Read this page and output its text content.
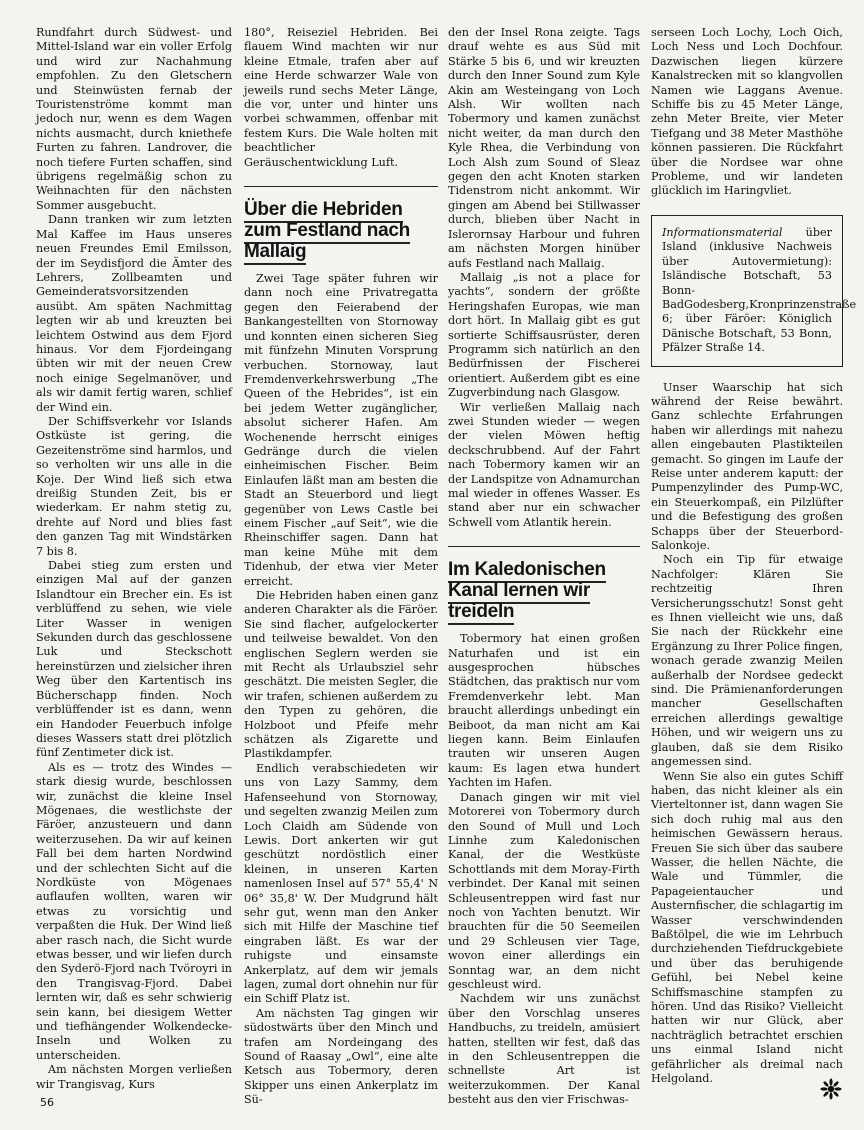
Rundfahrt durch Südwest- und Mittel-Island war ein voller Erfolg und wird zur Nachahmung empfohlen. Zu den Gletschern und Steinwüsten fernab der Touristenströme kommt man jedoch nur, wenn es dem Wagen nichts ausmacht, durch kniethefe Furten zu fahren. Landrover, die noch tiefere Furten schaffen, sind übrigens regelmäßig schon zu Weihnachten für den nächsten Sommer ausgebucht.

Dann tranken wir zum letzten Mal Kaffee im Haus unseres neuen Freundes Emil Emilsson, der im Seydisfjord die Ämter des Lehrers, Zollbeamten und Gemeinderatsvorsitzenden ausübt. Am späten Nachmittag legten wir ab und kreuzten bei leichtem Ostwind aus dem Fjord hinaus. Vor dem Fjordeingang übten wir mit der neuen Crew noch einige Segelmanöver, und als wir damit fertig waren, schlief der Wind ein.

Der Schiffsverkehr vor Islands Ostküste ist gering, die Gezeitenströme sind harmlos, und so verholten wir uns alle in die Koje. Der Wind ließ sich etwa dreißig Stunden Zeit, bis er wiederkam. Er nahm stetig zu, drehte auf Nord und blies fast den ganzen Tag mit Windstärken 7 bis 8.

Dabei stieg zum ersten und einzigen Mal auf der ganzen Islandtour ein Brecher ein. Es ist verblüffend zu sehen, wie viele Liter Wasser in wenigen Sekunden durch das geschlossene Luk und Steckschott hereinstürzen und zielsicher ihren Weg über den Kartentisch ins Bücherschapp finden. Noch verblüffender ist es dann, wenn ein Handoder Feuerbuch infolge dieses Wassers statt drei plötzlich fünf Zentimeter dick ist.

Als es — trotz des Windes — stark diesig wurde, beschlossen wir, zunächst die kleine Insel Mögenaes, die westlichste der Färöer, anzusteuern und dann weiterzusehen. Da wir auf keinen Fall bei dem harten Nordwind und der schlechten Sicht auf die Nordküste von Mögenaes auflaufen wollten, waren wir etwas zu vorsichtig und verpaßten die Huk. Der Wind ließ aber rasch nach, die Sicht wurde etwas besser, und wir liefen durch den Syderö-Fjord nach Tvöroyri in den Trangisvag-Fjord. Dabei lernten wir, daß es sehr schwierig sein kann, bei diesigem Wetter und tiefhängender Wolkendecke-Inseln und Wolken zu unterscheiden.

Am nächsten Morgen verließen wir Trangisvag, Kurs

180°, Reiseziel Hebriden. Bei flauem Wind machten wir nur kleine Etmale, trafen aber auf eine Herde schwarzer Wale von jeweils rund sechs Meter Länge, die vor, unter und hinter uns vorbei schwammen, offenbar mit festem Kurs. Die Wale holten mit beachtlicher Geräuschentwicklung Luft.

Über die Hebriden zum Festland nach Mallaig

Zwei Tage später fuhren wir dann noch eine Privatregatta gegen den Feierabend der Bankangestellten von Stornoway und konnten einen sicheren Sieg mit fünfzehn Minuten Vorsprung verbuchen. Stornoway, laut Fremdenverkehrswerbung „The Queen of the Hebrides“, ist ein bei jedem Wetter zugänglicher, absolut sicherer Hafen. Am Wochenende herrscht einiges Gedränge durch die vielen einheimischen Fischer. Beim Einlaufen läßt man am besten die Stadt an Steuerbord und liegt gegenüber von Lews Castle bei einem Fischer „auf Seit“, wie die Rheinschiffer sagen. Dann hat man keine Mühe mit dem Tidenhub, der etwa vier Meter erreicht.

Die Hebriden haben einen ganz anderen Charakter als die Färöer. Sie sind flacher, aufgelockerter und teilweise bewaldet. Von den englischen Seglern werden sie mit Recht als Urlaubsziel sehr geschätzt. Die meisten Segler, die wir trafen, schienen außerdem zu den Typen zu gehören, die Holzboot und Pfeife mehr schätzen als Zigarette und Plastikdampfer.

Endlich verabschiedeten wir uns von Lazy Sammy, dem Hafenseehund von Stornoway, und segelten zwanzig Meilen zum Loch Claidh am Südende von Lewis. Dort ankerten wir gut geschützt nordöstlich einer kleinen, in unseren Karten namenlosen Insel auf 57° 55,4' N 06° 35,8' W. Der Mudgrund hält sehr gut, wenn man den Anker sich mit Hilfe der Maschine tief eingraben läßt. Es war der ruhigste und einsamste Ankerplatz, auf dem wir jemals lagen, zumal dort ohnehin nur für ein Schiff Platz ist.

Am nächsten Tag gingen wir südostwärts über den Minch und trafen am Nordeingang des Sound of Raasay „Owl“, eine alte Ketsch aus Tobermory, deren Skipper uns einen Ankerplatz im Sü-

den der Insel Rona zeigte. Tags drauf wehte es aus Süd mit Stärke 5 bis 6, und wir kreuzten durch den Inner Sound zum Kyle Akin am Westeingang von Loch Alsh. Wir wollten nach Tobermory und kamen zunächst nicht weiter, da man durch den Kyle Rhea, die Verbindung von Loch Alsh zum Sound of Sleaz gegen den acht Knoten starken Tidenstrom nicht ankommt. Wir gingen am Abend bei Stillwasser durch, blieben über Nacht in Islerornsay Harbour und fuhren am nächsten Morgen hinüber aufs Festland nach Mallaig.

Mallaig „is not a place for yachts“, sondern der größte Heringshafen Europas, wie man dort hört. In Mallaig gibt es gut sortierte Schiffsausrüster, deren Programm sich natürlich an den Bedürfnissen der Fischerei orientiert. Außerdem gibt es eine Zugverbindung nach Glasgow.

Wir verließen Mallaig nach zwei Stunden wieder — wegen der vielen Möwen heftig deckschrubbend. Auf der Fahrt nach Tobermory kamen wir an der Landspitze von Adnamurchan mal wieder in offenes Wasser. Es stand aber nur ein schwacher Schwell vom Atlantik herein.

Im Kaledonischen Kanal lernen wir treideln

Tobermory hat einen großen Naturhafen und ist ein ausgesprochen hübsches Städtchen, das praktisch nur vom Fremdenverkehr lebt. Man braucht allerdings unbedingt ein Beiboot, da man nicht am Kai liegen kann. Beim Einlaufen trauten wir unseren Augen kaum: Es lagen etwa hundert Yachten im Hafen.

Danach gingen wir mit viel Motorerei von Tobermory durch den Sound of Mull und Loch Linnhe zum Kaledonischen Kanal, der die Westküste Schottlands mit dem Moray-Firth verbindet. Der Kanal mit seinen Schleusentreppen wird fast nur noch von Yachten benutzt. Wir brauchten für die 50 Seemeilen und 29 Schleusen vier Tage, wovon einer allerdings ein Sonntag war, an dem nicht geschleust wird.

Nachdem wir uns zunächst über den Vorschlag unseres Handbuchs, zu treideln, amüsiert hatten, stellten wir fest, daß das in den Schleusentreppen die schnellste Art ist weiterzukommen. Der Kanal besteht aus den vier Frischwas-

serseen Loch Lochy, Loch Oich, Loch Ness und Loch Dochfour. Dazwischen liegen kürzere Kanalstrecken mit so klangvollen Namen wie Laggans Avenue. Schiffe bis zu 45 Meter Länge, zehn Meter Breite, vier Meter Tiefgang und 38 Meter Masthöhe können passieren. Die Rückfahrt über die Nordsee war ohne Probleme, und wir landeten glücklich im Haringvliet.

Informationsmaterial über Island (inklusive Nachweis über Autovermietung): Isländische Botschaft, 53 Bonn-BadGodesberg,Kronprinzenstraße 6; über Färöer: Königlich Dänische Botschaft, 53 Bonn, Pfälzer Straße 14.

Unser Waarschip hat sich während der Reise bewährt. Ganz schlechte Erfahrungen haben wir allerdings mit nahezu allen eingebauten Plastikteilen gemacht. So gingen im Laufe der Reise unter anderem kaputt: der Pumpenzylinder des Pump-WC, ein Steuerkompaß, ein Pilzlüfter und die Befestigung des großen Schapps über der Steuerbord-Salonkoje.

Noch ein Tip für etwaige Nachfolger: Klären Sie rechtzeitig Ihren Versicherungsschutz! Sonst geht es Ihnen vielleicht wie uns, daß Sie nach der Rückkehr eine Ergänzung zu Ihrer Police fingen, wonach gerade zwanzig Meilen außerhalb der Nordsee gedeckt sind. Die Prämienanforderungen mancher Gesellschaften erreichen allerdings gewaltige Höhen, und wir weigern uns zu glauben, daß sie dem Risiko angemessen sind.

Wenn Sie also ein gutes Schiff haben, das nicht kleiner als ein Vierteltonner ist, dann wagen Sie sich doch ruhig mal aus den heimischen Gewässern heraus. Freuen Sie sich über das saubere Wasser, die hellen Nächte, die Wale und Tümmler, die Papageientaucher und Austernfischer, die schlagartig im Wasser verschwindenden Baßtölpel, die wie im Lehrbuch durchziehenden Tiefdruckgebiete und über das beruhigende Gefühl, bei Nebel keine Schiffsmaschine stampfen zu hören. Und das Risiko? Vielleicht hatten wir nur Glück, aber nachträglich betrachtet erschien uns einmal Island nicht gefährlicher als dreimal nach Helgoland.

56
